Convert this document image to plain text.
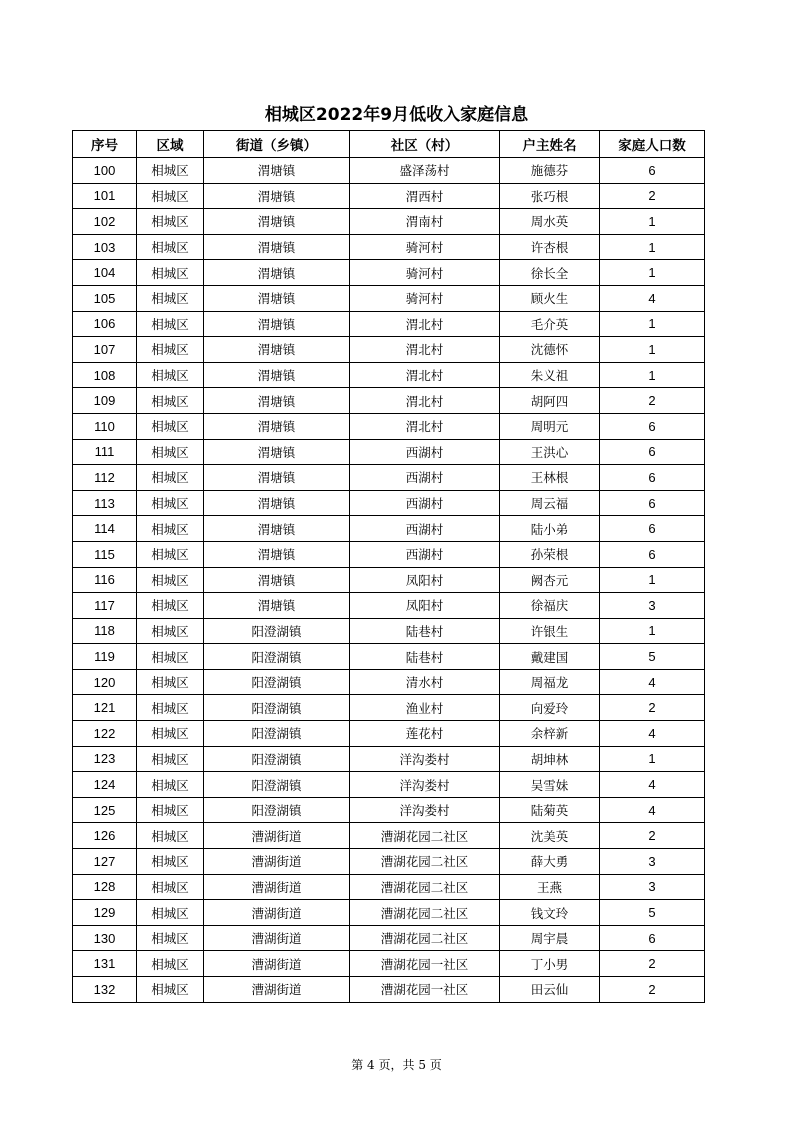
相城区2022年9月低收入家庭信息
序号	区域	街道（乡镇）	社区（村）	户主姓名	家庭人口数
100	相城区	渭塘镇	盛泽荡村	施德芬	6
101	相城区	渭塘镇	渭西村	张巧根	2
102	相城区	渭塘镇	渭南村	周水英	1
103	相城区	渭塘镇	骑河村	许杏根	1
104	相城区	渭塘镇	骑河村	徐长全	1
105	相城区	渭塘镇	骑河村	顾火生	4
106	相城区	渭塘镇	渭北村	毛介英	1
107	相城区	渭塘镇	渭北村	沈德怀	1
108	相城区	渭塘镇	渭北村	朱义祖	1
109	相城区	渭塘镇	渭北村	胡阿四	2
110	相城区	渭塘镇	渭北村	周明元	6
111	相城区	渭塘镇	西湖村	王洪心	6
112	相城区	渭塘镇	西湖村	王林根	6
113	相城区	渭塘镇	西湖村	周云福	6
114	相城区	渭塘镇	西湖村	陆小弟	6
115	相城区	渭塘镇	西湖村	孙荣根	6
116	相城区	渭塘镇	凤阳村	阙杏元	1
117	相城区	渭塘镇	凤阳村	徐福庆	3
118	相城区	阳澄湖镇	陆巷村	许银生	1
119	相城区	阳澄湖镇	陆巷村	戴建国	5
120	相城区	阳澄湖镇	清水村	周福龙	4
121	相城区	阳澄湖镇	渔业村	向爱玲	2
122	相城区	阳澄湖镇	莲花村	余梓新	4
123	相城区	阳澄湖镇	洋沟娄村	胡坤林	1
124	相城区	阳澄湖镇	洋沟娄村	吴雪妹	4
125	相城区	阳澄湖镇	洋沟娄村	陆菊英	4
126	相城区	漕湖街道	漕湖花园二社区	沈美英	2
127	相城区	漕湖街道	漕湖花园二社区	薛大勇	3
128	相城区	漕湖街道	漕湖花园二社区	王燕	3
129	相城区	漕湖街道	漕湖花园二社区	钱文玲	5
130	相城区	漕湖街道	漕湖花园二社区	周宇晨	6
131	相城区	漕湖街道	漕湖花园一社区	丁小男	2
132	相城区	漕湖街道	漕湖花园一社区	田云仙	2
第 4 页，共 5 页
